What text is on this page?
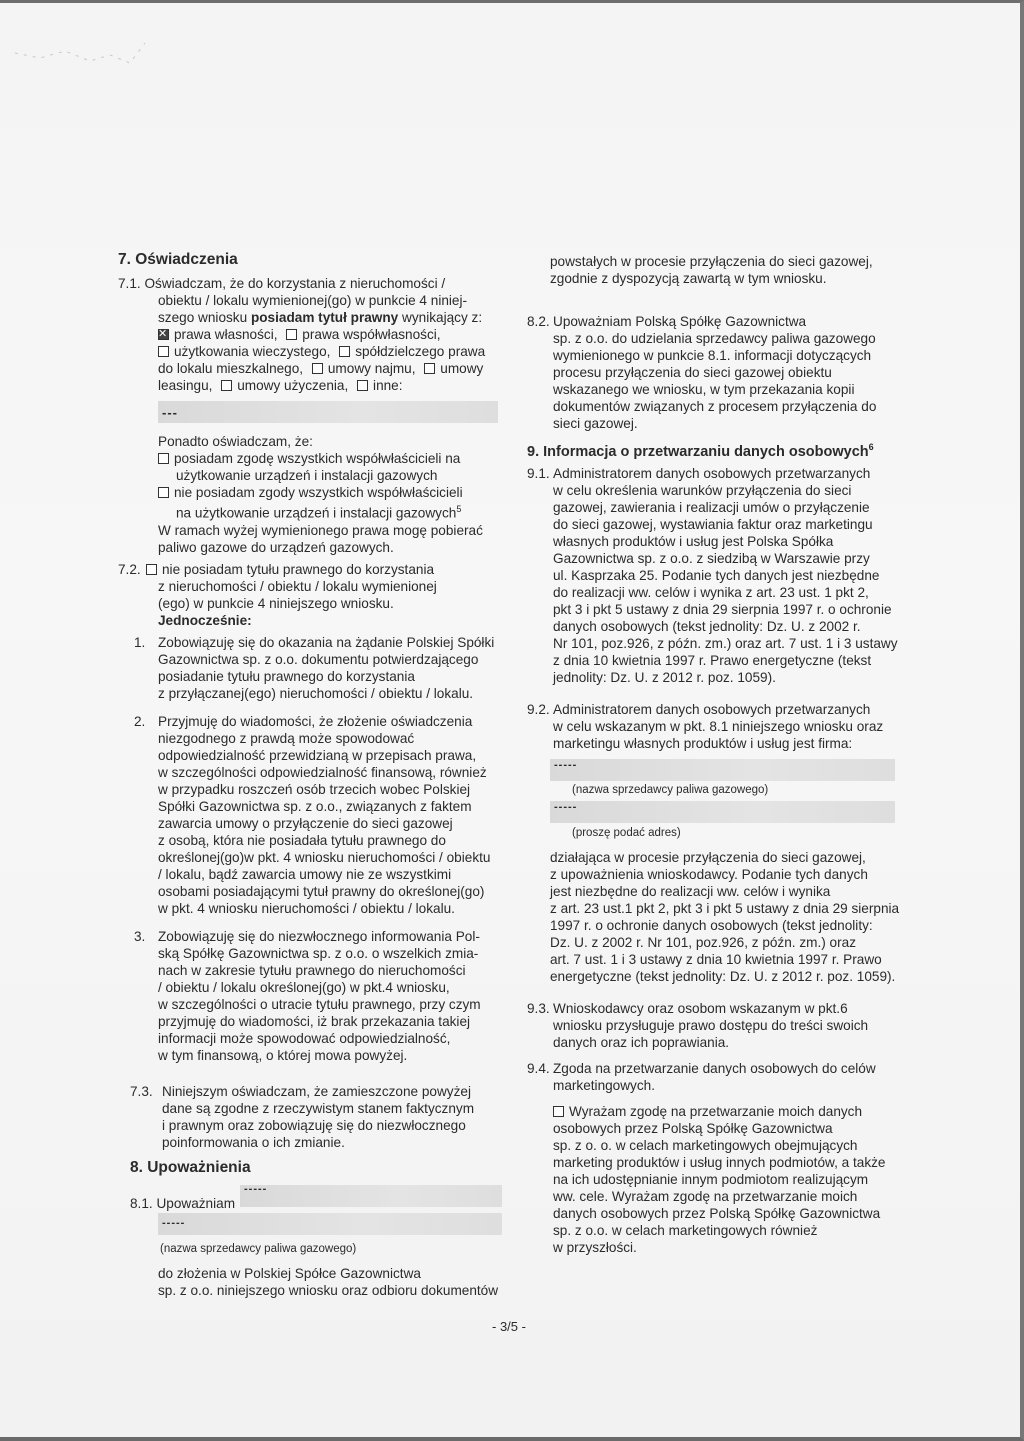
7. Oświadczenia
7.1. Oświadczam, że do korzystania z nieruchomości /
obiektu / lokalu wymienionej(go) w punkcie 4 niniej-
szego wniosku posiadam tytuł prawny wynikający z:
✕prawa własności, prawa współwłasności,
użytkowania wieczystego, spółdzielczego prawa
do lokalu mieszkalnego, umowy najmu, umowy
leasingu, umowy użyczenia, inne:
---
Ponadto oświadczam, że:
posiadam zgodę wszystkich współwłaścicieli na
użytkowanie urządzeń i instalacji gazowych
nie posiadam zgody wszystkich współwłaścicieli
na użytkowanie urządzeń i instalacji gazowych$^5$
W ramach wyżej wymienionego prawa mogę pobierać
paliwo gazowe do urządzeń gazowych.
7.2.	nie posiadam tytułu prawnego do korzystania
z nieruchomości / obiektu / lokalu wymienionej
(ego) w punkcie 4 niniejszego wniosku.
Jednocześnie:
1. Zobowiązuję się do okazania na żądanie Polskiej Spółki
Gazownictwa sp. z o.o. dokumentu potwierdzającego
posiadanie tytułu prawnego do korzystania
z przyłączanej(ego) nieruchomości / obiektu / lokalu.
2. Przyjmuję do wiadomości, że złożenie oświadczenia
niezgodnego z prawdą może spowodować
odpowiedzialność przewidzianą w przepisach prawa,
w szczególności odpowiedzialność finansową, również
w przypadku roszczeń osób trzecich wobec Polskiej
Spółki Gazownictwa sp. z o.o., związanych z faktem
zawarcia umowy o przyłączenie do sieci gazowej
z osobą, która nie posiadała tytułu prawnego do
określonej(go)w pkt. 4 wniosku nieruchomości / obiektu
/ lokalu, bądź zawarcia umowy nie ze wszystkimi
osobami posiadającymi tytuł prawny do określonej(go)
w pkt. 4 wniosku nieruchomości / obiektu / lokalu.
3. Zobowiązuję się do niezwłocznego informowania Pol-
ską Spółkę Gazownictwa sp. z o.o. o wszelkich zmia-
nach w zakresie tytułu prawnego do nieruchomości
/ obiektu / lokalu określonej(go) w pkt.4 wniosku,
w szczególności o utracie tytułu prawnego, przy czym
przyjmuję do wiadomości, iż brak przekazania takiej
informacji może spowodować odpowiedzialność,
w tym finansową, o której mowa powyżej.
7.3. Niniejszym oświadczam, że zamieszczone powyżej
dane są zgodne z rzeczywistym stanem faktycznym
i prawnym oraz zobowiązuję się do niezwłocznego
poinformowania o ich zmianie.
8. Upoważnienia
8.1. Upoważniam
-----
-----
(nazwa sprzedawcy paliwa gazowego)
do złożenia w Polskiej Spółce Gazownictwa
sp. z o.o. niniejszego wniosku oraz odbioru dokumentów
powstałych w procesie przyłączenia do sieci gazowej,
zgodnie z dyspozycją zawartą w tym wniosku.
8.2. Upoważniam Polską Spółkę Gazownictwa
sp. z o.o. do udzielania sprzedawcy paliwa gazowego
wymienionego w punkcie 8.1. informacji dotyczących
procesu przyłączenia do sieci gazowej obiektu
wskazanego we wniosku, w tym przekazania kopii
dokumentów związanych z procesem przyłączenia do
sieci gazowej.
9. Informacja o przetwarzaniu danych osobowych$^6$
9.1. Administratorem danych osobowych przetwarzanych
w celu określenia warunków przyłączenia do sieci
gazowej, zawierania i realizacji umów o przyłączenie
do sieci gazowej, wystawiania faktur oraz marketingu
własnych produktów i usług jest Polska Spółka
Gazownictwa sp. z o.o. z siedzibą w Warszawie przy
ul. Kasprzaka 25. Podanie tych danych jest niezbędne
do realizacji ww. celów i wynika z art. 23 ust. 1 pkt 2,
pkt 3 i pkt 5 ustawy z dnia 29 sierpnia 1997 r. o ochronie
danych osobowych (tekst jednolity: Dz. U. z 2002 r.
Nr 101, poz.926, z późn. zm.) oraz art. 7 ust. 1 i 3 ustawy
z dnia 10 kwietnia 1997 r. Prawo energetyczne (tekst
jednolity: Dz. U. z 2012 r. poz. 1059).
9.2. Administratorem danych osobowych przetwarzanych
w celu wskazanym w pkt. 8.1 niniejszego wniosku oraz
marketingu własnych produktów i usług jest firma:
-----
(nazwa sprzedawcy paliwa gazowego)
-----
(proszę podać adres)
działająca w procesie przyłączenia do sieci gazowej,
z upoważnienia wnioskodawcy. Podanie tych danych
jest niezbędne do realizacji ww. celów i wynika
z art. 23 ust.1 pkt 2, pkt 3 i pkt 5 ustawy z dnia 29 sierpnia
1997 r. o ochronie danych osobowych (tekst jednolity:
Dz. U. z 2002 r. Nr 101, poz.926, z późn. zm.) oraz
art. 7 ust. 1 i 3 ustawy z dnia 10 kwietnia 1997 r. Prawo
energetyczne (tekst jednolity: Dz. U. z 2012 r. poz. 1059).
9.3. Wnioskodawcy oraz osobom wskazanym w pkt.6
wniosku przysługuje prawo dostępu do treści swoich
danych oraz ich poprawiania.
9.4. Zgoda na przetwarzanie danych osobowych do celów
marketingowych.
Wyrażam zgodę na przetwarzanie moich danych
osobowych przez Polską Spółkę Gazownictwa
sp. z o. o. w celach marketingowych obejmujących
marketing produktów i usług innych podmiotów, a także
na ich udostępnianie innym podmiotom realizującym
ww. cele. Wyrażam zgodę na przetwarzanie moich
danych osobowych przez Polską Spółkę Gazownictwa
sp. z o.o. w celach marketingowych również
w przyszłości.
- 3/5 -
